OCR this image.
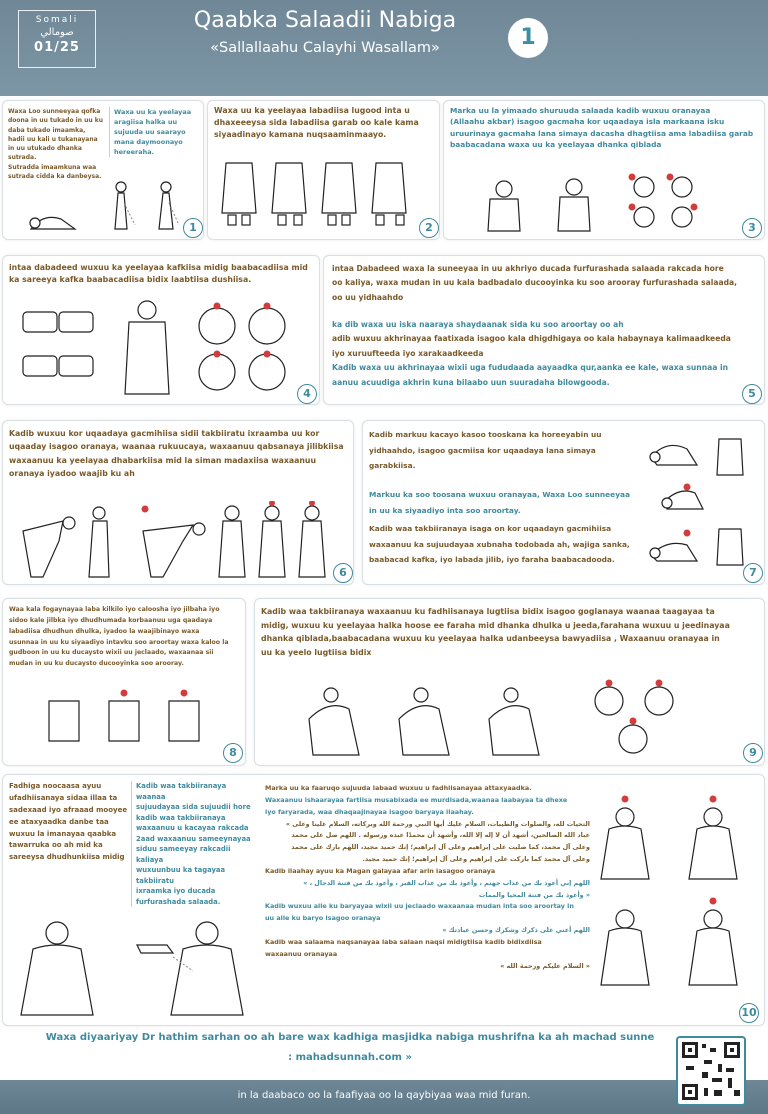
Somali
صومالي
01/25
Qaabka Salaadii Nabiga
«Sallallaahu Calayhi Wasallam»	1
Waxa Loo sunneeyaa qofka
doona in uu tukado in uu ku
daba tukado imaamka,
hadii uu kali u tukanayana
in uu utukado dhanka
sutrada.
Sutradda imaamkuna waa
sutrada cidda ka danbeysa.
Waxa uu ka yeelayaa
aragiisa halka uu
sujuuda uu saarayo
mana daymoonayo
hereeraha.
1
Waxa uu ka yeelayaa labadiisa lugood inta u
dhaxeeeysa sida labadiisa garab oo kale kama
siyaadinayo kamana nuqsaaminmaayo.
2
Marka uu la yimaado shuruuda salaada kadib wuxuu oranayaa
(Allaahu akbar) isagoo gacmaha kor uqaadaya isla markaana isku
uruurinaya gacmaha lana simaya dacasha dhagtiisa ama labadiisa garab
baabacadana waxa uu ka yeelayaa dhanka qiblada
3
intaa dabadeed wuxuu ka yeelayaa kafkiisa midig baabacadiisa mid
ka sareeya kafka baabacadiisa bidix laabtiisa dushiisa.
4
intaa Dabadeed waxa la suneeyaa in uu akhriyo ducada furfurashada salaada rakcada hore
oo kaliya, waxa mudan in uu kala badbadalo ducooyinka ku soo arooray furfurashada salaada,
oo uu yidhaahdo
ka dib waxa uu iska naaraya shaydaanak sida ku soo aroortay oo ah
adib wuxuu akhrinayaa faatixada isagoo kala dhigdhigaya oo kala habaynaya kalimaadkeeda
iyo xuruufteeda iyo xarakaadkeeda
Kadib waxa uu akhrinayaa wixii uga fududaada aayaadka qur,aanka ee kale, waxa sunnaa in
aanuu acuudiga akhrin kuna bilaabo uun suuradaha bilowgooda.
5
Kadib wuxuu kor uqaadaya gacmihiisa sidii takbiiratu ixraamba uu kor
uqaaday isagoo oranaya, waanaa rukuucaya, waxaanuu qabsanaya jilibkiisa
waxaanuu ka yeelayaa dhabarkiisa mid la siman madaxiisa waxaanuu
oranaya iyadoo waajib ku ah
6
Kadib markuu kacayo kasoo tooskana ka horeeyabin uu
yidhaahdo, isagoo gacmiisa kor uqaadaya lana simaya
garabkiisa.
Markuu ka soo toosana wuxuu oranayaa, Waxa Loo sunneeyaa
in uu ka siyaadiyo inta soo aroortay.
Kadib waa takbiiranaya isaga on kor uqaadayn gacmihiisa
waxaanuu ka sujuudayaa xubnaha todobada ah, wajiga sanka,
baabacad kafka, iyo labada jilib, iyo faraha baabacadooda.
7
Waa kala fogaynayaa laba kilkilo iyo caloosha iyo jilbaha iyo
sidoo kale jilbka iyo dhudhumada korbaanuu uga qaadaya
labadiisa dhudhun dhulka, iyadoo la waajibinayo waxa
usunnaa in uu ku siyaadiyo intavku soo aroortay waxa kaloo la
gudboon in uu ku ducaysto wixii uu jeclaado, waxaanaa sii
mudan in uu ku ducaysto ducooyinka soo arooray.
8
Kadib waa takbiiranaya waxaanuu ku fadhiisanaya lugtiisa bidix isagoo goglanaya waanaa taagayaa ta
midig, wuxuu ku yeelayaa halka hoose ee faraha mid dhanka dhulka u jeeda,farahana wuxuu u jeedinayaa
dhanka qiblada,baabacadana wuxuu ku yeelayaa halka udanbeeysa bawyadiisa , Waxaanuu oranayaa in
uu ka yeelo lugtiisa bidix
9
Fadhiga noocaasa ayuu
ufadhiisanaya sidaa illaa ta
sadexaad iyo afraaad mooyee
ee ataxyaadka danbe taa
wuxuu la imanayaa qaabka
tawarruka oo ah mid ka
sareeysa dhudhunkiisa midig
Kadib waa takbiiranaya waanaa
sujuudayaa sida sujuudii hore
kadib waa takbiiranaya
waxaanuu u kacayaa rakcada
2aad waxaanuu sameeynayaa
siduu sameeyay rakcadii kaliaya
wuxuunbuu ka tagayaa takbiiratu
ixraamka iyo ducada
furfurashada salaada.
Marka uu ka faaruqo sujuuda labaad wuxuu u fadhiisanayaa attaxyaadka.
Waxaanuu ishaarayaa fartiisa musabixada ee murdisada,waanaa laabayaa ta dhexe
iyo faryarada, waa dhaqaajinayaa isagoo baryaya ilaahay.
التحيات لله، والصلوات والطيبات، السلام عليك أيها النبي ورحمة الله وبركاته، السلام علينا وعلى »
عباد الله الصالحين، أشهد أن لا إله إلا الله، وأشهد أن محمدًا عبده ورسوله . اللهم صل على محمد
وعلى آل محمد، كما صليت على إبراهيم وعلى آل إبراهيم؛ إنك حميد مجيد، اللهم بارك على محمد
وعلى آل محمد كما باركت على إبراهيم وعلى آل إبراهيم؛ إنك حميد مجيد.
Kadib ilaahay ayuu ka Magan galayaa afar arin iasagoo oranaya
اللهم إني أعوذ بك من عذاب جهنم ، وأعوذ بك من عذاب القبر ، وأعوذ بك من فتنة الدجال ، »
« وأعوذ بك من فتنة المحيا والممات
Kadib wuxuu alle ku baryayaa wixii uu jeclaado waxaanaa mudan inta soo aroortay in
uu alle ku baryo Isagoo oranaya
اللهم أعني على ذكرك وشكرك وحسن عبادتك »
Kadib waa salaama naqsanayaa laba salaan naqsi midigtiisa kadib bidixdiisa
waxaanuu oranayaa
« السلام عليكم ورحمة الله »
10
Waxa diyaariyay Dr hathim sarhan oo ah bare wax kadhiga masjidka nabiga mushrifna ka ah machad sunne
: mahadsunnah.com »
in la daabaco oo la faafiyaa oo la qaybiyaa waa mid furan.
